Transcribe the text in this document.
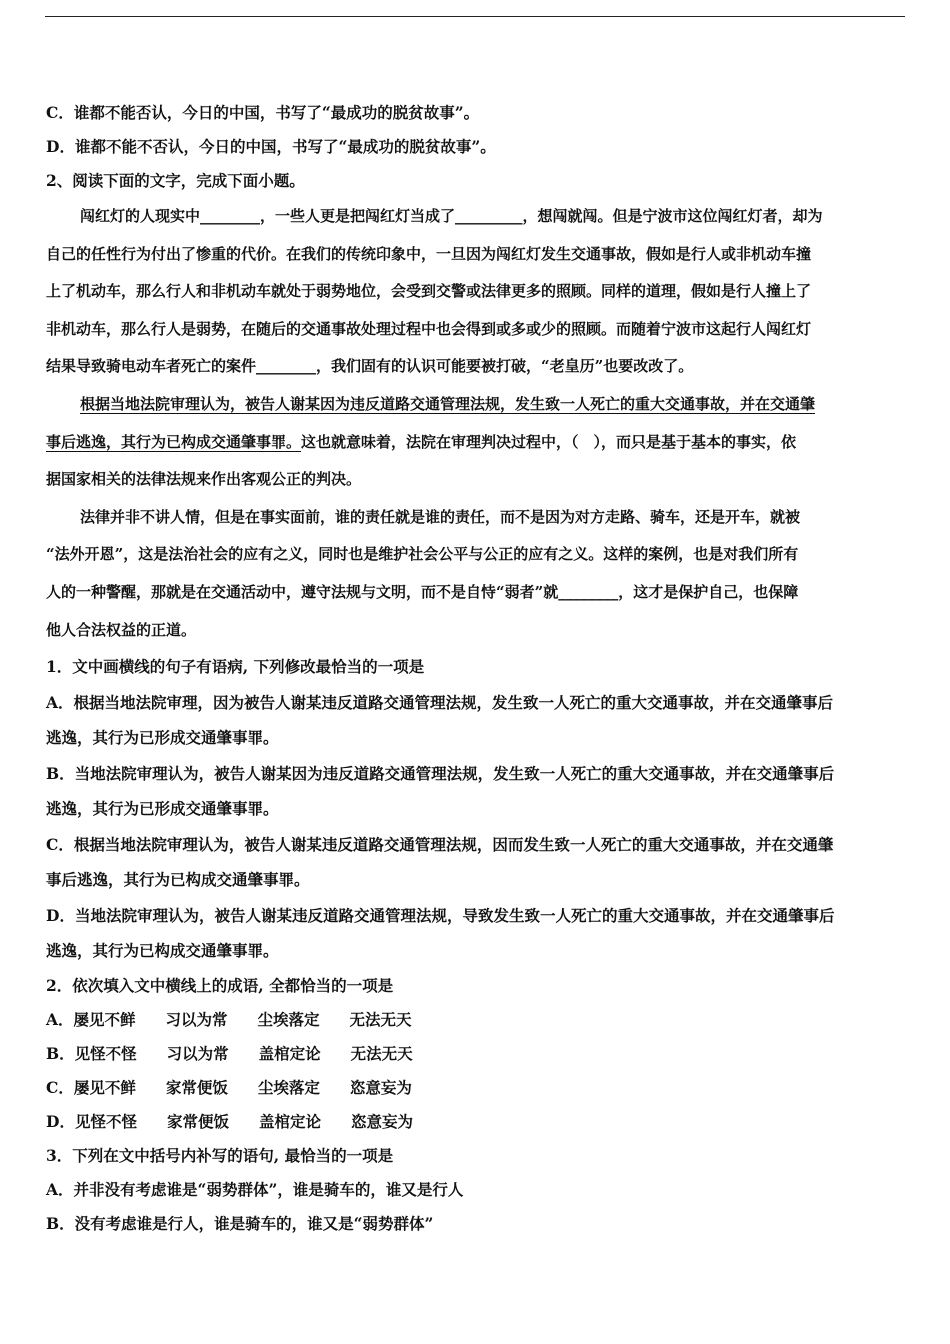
C．谁都不能否认，今日的中国，书写了“最成功的脱贫故事”。
D．谁都不能不否认，今日的中国，书写了“最成功的脱贫故事”。
2、阅读下面的文字，完成下面小题。
闯红灯的人现实中________，一些人更是把闯红灯当成了_________，想闯就闯。但是宁波市这位闯红灯者，却为
自己的任性行为付出了惨重的代价。在我们的传统印象中，一旦因为闯红灯发生交通事故，假如是行人或非机动车撞
上了机动车，那么行人和非机动车就处于弱势地位，会受到交警或法律更多的照顾。同样的道理，假如是行人撞上了
非机动车，那么行人是弱势，在随后的交通事故处理过程中也会得到或多或少的照顾。而随着宁波市这起行人闯红灯
结果导致骑电动车者死亡的案件________，我们固有的认识可能要被打破，“老皇历”也要改改了。
根据当地法院审理认为，被告人谢某因为违反道路交通管理法规，发生致一人死亡的重大交通事故，并在交通肇
事后逃逸，其行为已构成交通肇事罪。这也就意味着，法院在审理判决过程中，（　），而只是基于基本的事实，依
据国家相关的法律法规来作出客观公正的判决。
法律并非不讲人情，但是在事实面前，谁的责任就是谁的责任，而不是因为对方走路、骑车，还是开车，就被
“法外开恩”，这是法治社会的应有之义，同时也是维护社会公平与公正的应有之义。这样的案例，也是对我们所有
人的一种警醒，那就是在交通活动中，遵守法规与文明，而不是自恃“弱者”就________，这才是保护自己，也保障
他人合法权益的正道。
1．文中画横线的句子有语病, 下列修改最恰当的一项是
A．根据当地法院审理，因为被告人谢某违反道路交通管理法规，发生致一人死亡的重大交通事故，并在交通肇事后
逃逸，其行为已形成交通肇事罪。
B．当地法院审理认为，被告人谢某因为违反道路交通管理法规，发生致一人死亡的重大交通事故，并在交通肇事后
逃逸，其行为已形成交通肇事罪。
C．根据当地法院审理认为，被告人谢某违反道路交通管理法规，因而发生致一人死亡的重大交通事故，并在交通肇
事后逃逸，其行为已构成交通肇事罪。
D．当地法院审理认为，被告人谢某违反道路交通管理法规，导致发生致一人死亡的重大交通事故，并在交通肇事后
逃逸，其行为已构成交通肇事罪。
2．依次填入文中横线上的成语, 全都恰当的一项是
A．屡见不鲜 习以为常 尘埃落定 无法无天
B．见怪不怪 习以为常 盖棺定论 无法无天
C．屡见不鲜 家常便饭 尘埃落定 恣意妄为
D．见怪不怪 家常便饭 盖棺定论 恣意妄为
3．下列在文中括号内补写的语句, 最恰当的一项是
A．并非没有考虑谁是“弱势群体”，谁是骑车的，谁又是行人
B．没有考虑谁是行人，谁是骑车的，谁又是“弱势群体”
